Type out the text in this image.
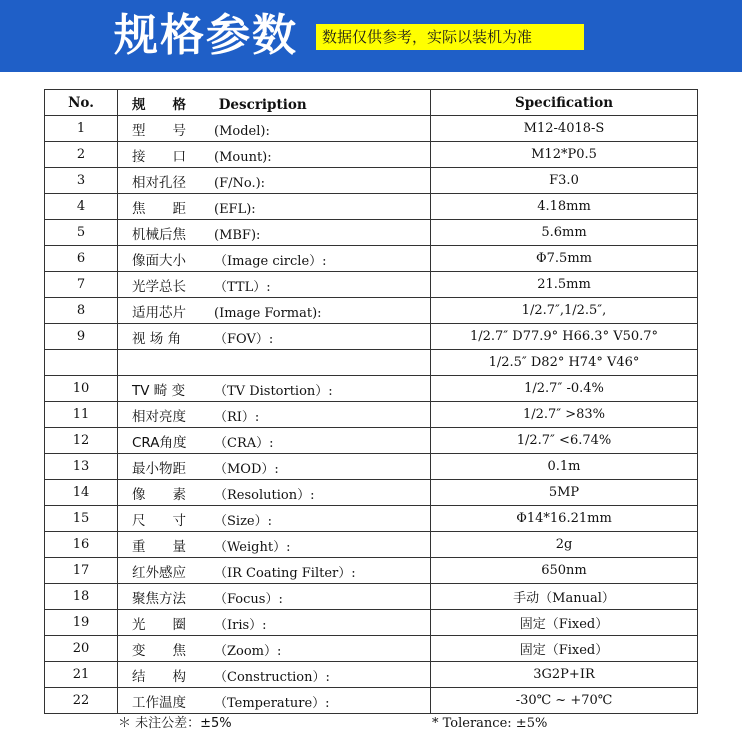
规格参数	数据仅供参考，实际以装机为准
No.	规　　格 Description	Specification
1	型　　号 (Model):	M12-4018-S
2	接　　口 (Mount):	M12*P0.5
3	相对孔径 (F/No.):	F3.0
4	焦　　距 (EFL):	4.18mm
5	机械后焦 (MBF):	5.6mm
6	像面大小 （Image circle）:	Φ7.5mm
7	光学总长 （TTL）:	21.5mm
8	适用芯片 (Image Format):	1/2.7″,1/2.5″,
9	视 场 角 （FOV）:	1/2.7″ D77.9° H66.3° V50.7°
		1/2.5″ D82° H74° V46°
10	TV 畸 变 （TV Distortion）:	1/2.7″ -0.4%
11	相对亮度 （RI）:	1/2.7″ >83%
12	CRA角度 （CRA）:	1/2.7″ <6.74%
13	最小物距 （MOD）:	0.1m
14	像　　素 （Resolution）:	5MP
15	尺　　寸 （Size）:	Φ14*16.21mm
16	重　　量 （Weight）:	2g
17	红外感应 （IR Coating Filter）:	650nm
18	聚焦方法 （Focus）:	手动（Manual）
19	光　　圈 （Iris）:	固定（Fixed）
20	变　　焦 （Zoom）:	固定（Fixed）
21	结　　构 （Construction）:	3G2P+IR
22	工作温度 （Temperature）:	-30℃ ~ +70℃
＊ 未注公差：±5%	* Tolerance: ±5%
